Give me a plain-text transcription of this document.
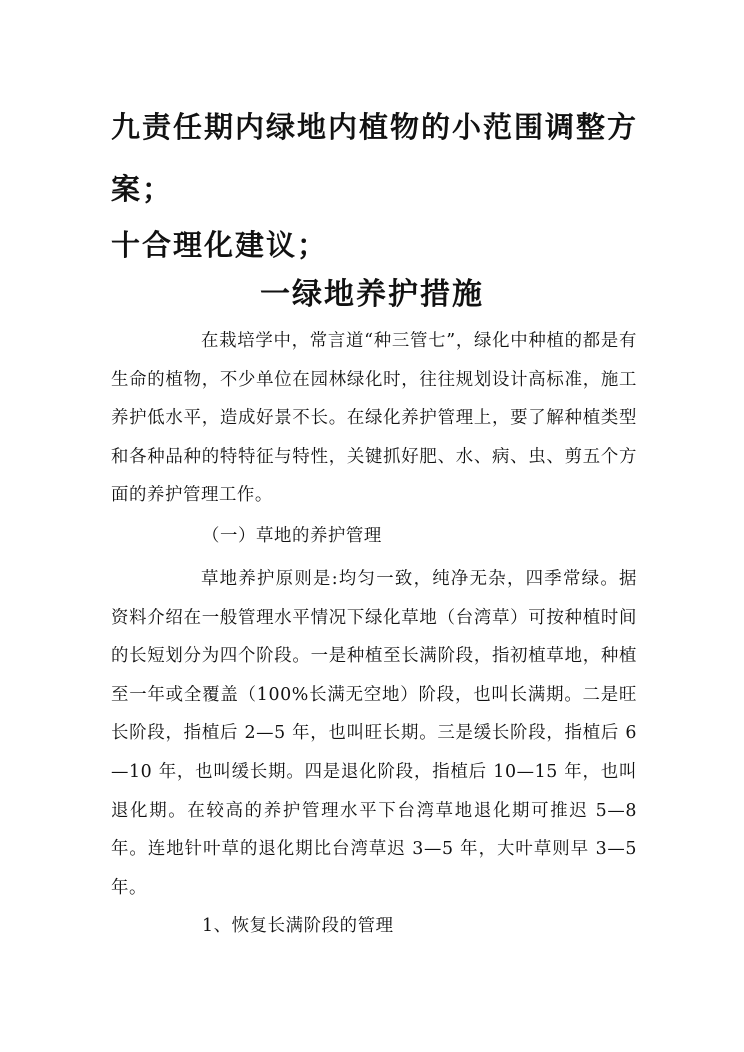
九责任期内绿地内植物的小范围调整方案；
十合理化建议；
一绿地养护措施

在栽培学中，常言道“种三管七”，绿化中种植的都是有生命的植物，不少单位在园林绿化时，往往规划设计高标准，施工养护低水平，造成好景不长。在绿化养护管理上，要了解种植类型和各种品种的特特征与特性，关键抓好肥、水、病、虫、剪五个方面的养护管理工作。

（一）草地的养护管理

草地养护原则是:均匀一致，纯净无杂，四季常绿。据资料介绍在一般管理水平情况下绿化草地（台湾草）可按种植时间的长短划分为四个阶段。一是种植至长满阶段，指初植草地，种植至一年或全覆盖（100%长满无空地）阶段，也叫长满期。二是旺长阶段，指植后 2—5 年，也叫旺长期。三是缓长阶段，指植后 6—10 年，也叫缓长期。四是退化阶段，指植后 10—15 年，也叫退化期。在较高的养护管理水平下台湾草地退化期可推迟 5—8 年。连地针叶草的退化期比台湾草迟 3—5 年，大叶草则早 3—5 年。

1、恢复长满阶段的管理
